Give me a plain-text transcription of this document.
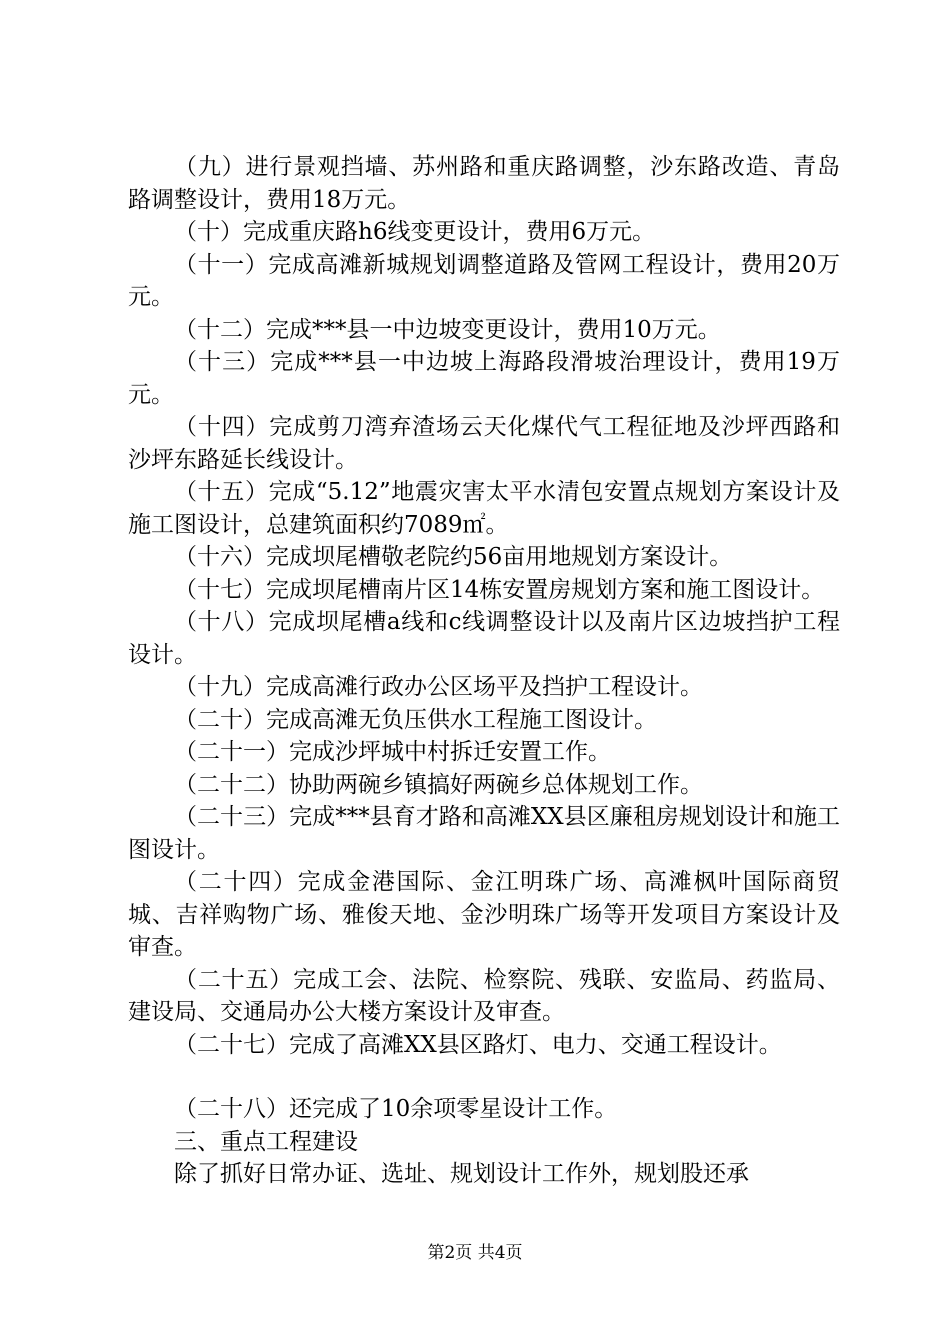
（九）进行景观挡墙、苏州路和重庆路调整，沙东路改造、青岛路调整设计，费用18万元。

（十）完成重庆路h6线变更设计，费用6万元。

（十一）完成高滩新城规划调整道路及管网工程设计，费用20万元。

（十二）完成***县一中边坡变更设计，费用10万元。

（十三）完成***县一中边坡上海路段滑坡治理设计，费用19万元。

（十四）完成剪刀湾弃渣场云天化煤代气工程征地及沙坪西路和沙坪东路延长线设计。

（十五）完成“5.12”地震灾害太平水清包安置点规划方案设计及施工图设计，总建筑面积约7089㎡。

（十六）完成坝尾槽敬老院约56亩用地规划方案设计。

（十七）完成坝尾槽南片区14栋安置房规划方案和施工图设计。

（十八）完成坝尾槽a线和c线调整设计以及南片区边坡挡护工程设计。

（十九）完成高滩行政办公区场平及挡护工程设计。

（二十）完成高滩无负压供水工程施工图设计。

（二十一）完成沙坪城中村拆迁安置工作。

（二十二）协助两碗乡镇搞好两碗乡总体规划工作。

（二十三）完成***县育才路和高滩XX县区廉租房规划设计和施工图设计。

（二十四）完成金港国际、金江明珠广场、高滩枫叶国际商贸城、吉祥购物广场、雅俊天地、金沙明珠广场等开发项目方案设计及审查。

（二十五）完成工会、法院、检察院、残联、安监局、药监局、建设局、交通局办公大楼方案设计及审查。

（二十七）完成了高滩XX县区路灯、电力、交通工程设计。

（二十八）还完成了10余项零星设计工作。

三、重点工程建设

除了抓好日常办证、选址、规划设计工作外，规划股还承

第2页 共4页
